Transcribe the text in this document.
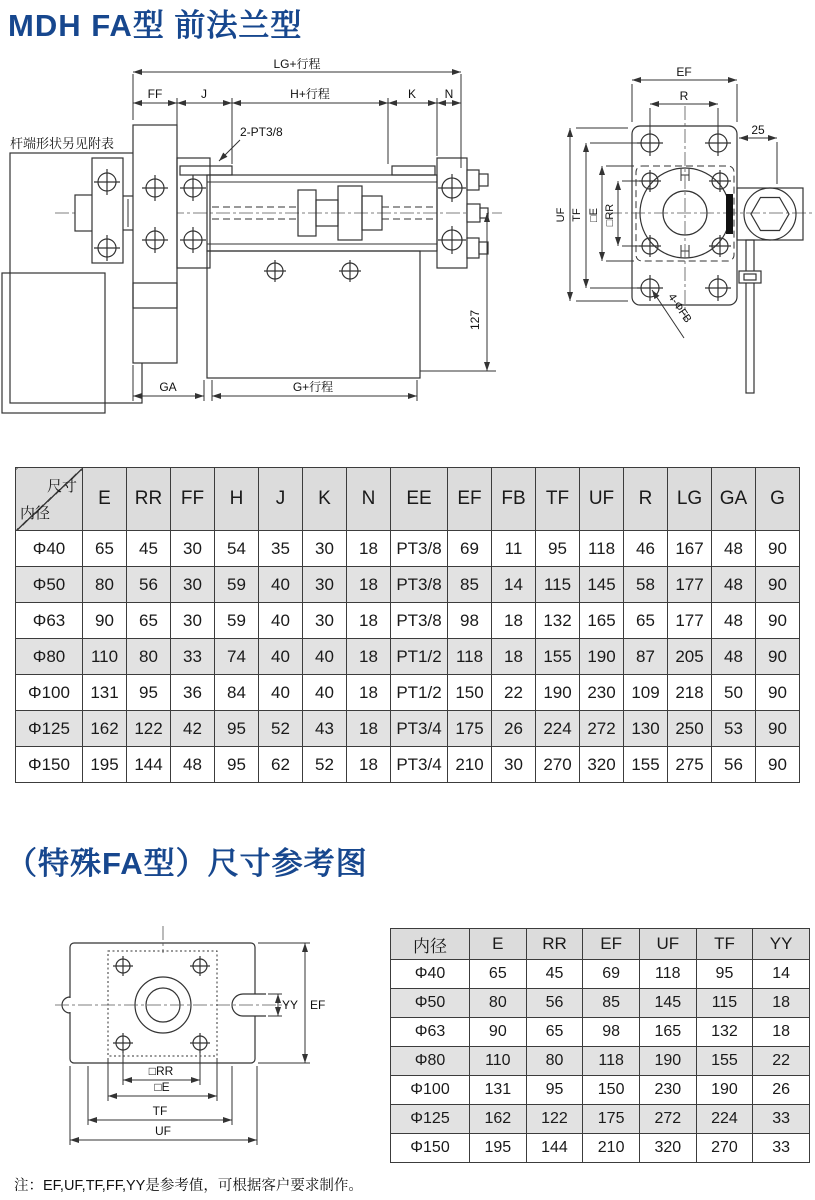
MDH FA型 前法兰型
LG+行程
FF	J	H+行程	K N
2-PT3/8
杆端形状另见附表
GA	G+行程
127
EF
R
UF TF □E □RR
25
4-ΦFB
尺寸
内径	E	RR	FF	H	J	K	N	EE	EF	FB	TF	UF	R	LG	GA	G
Φ40	65	45	30	54	35	30	18	PT3/8	69	11	95	118	46	167	48	90
Φ50	80	56	30	59	40	30	18	PT3/8	85	14	115	145	58	177	48	90
Φ63	90	65	30	59	40	30	18	PT3/8	98	18	132	165	65	177	48	90
Φ80	110	80	33	74	40	40	18	PT1/2	118	18	155	190	87	205	48	90
Φ100	131	95	36	84	40	40	18	PT1/2	150	22	190	230	109	218	50	90
Φ125	162	122	42	95	52	43	18	PT3/4	175	26	224	272	130	250	53	90
Φ150	195	144	48	95	62	52	18	PT3/4	210	30	270	320	155	275	56	90
（特殊FA型）尺寸参考图
YY EF
□RR
□E
TF
UF
内径	E	RR	EF	UF	TF	YY
Φ40	65	45	69	118	95	14
Φ50	80	56	85	145	115	18
Φ63	90	65	98	165	132	18
Φ80	110	80	118	190	155	22
Φ100	131	95	150	230	190	26
Φ125	162	122	175	272	224	33
Φ150	195	144	210	320	270	33
注：EF,UF,TF,FF,YY是参考值，可根据客户要求制作。
